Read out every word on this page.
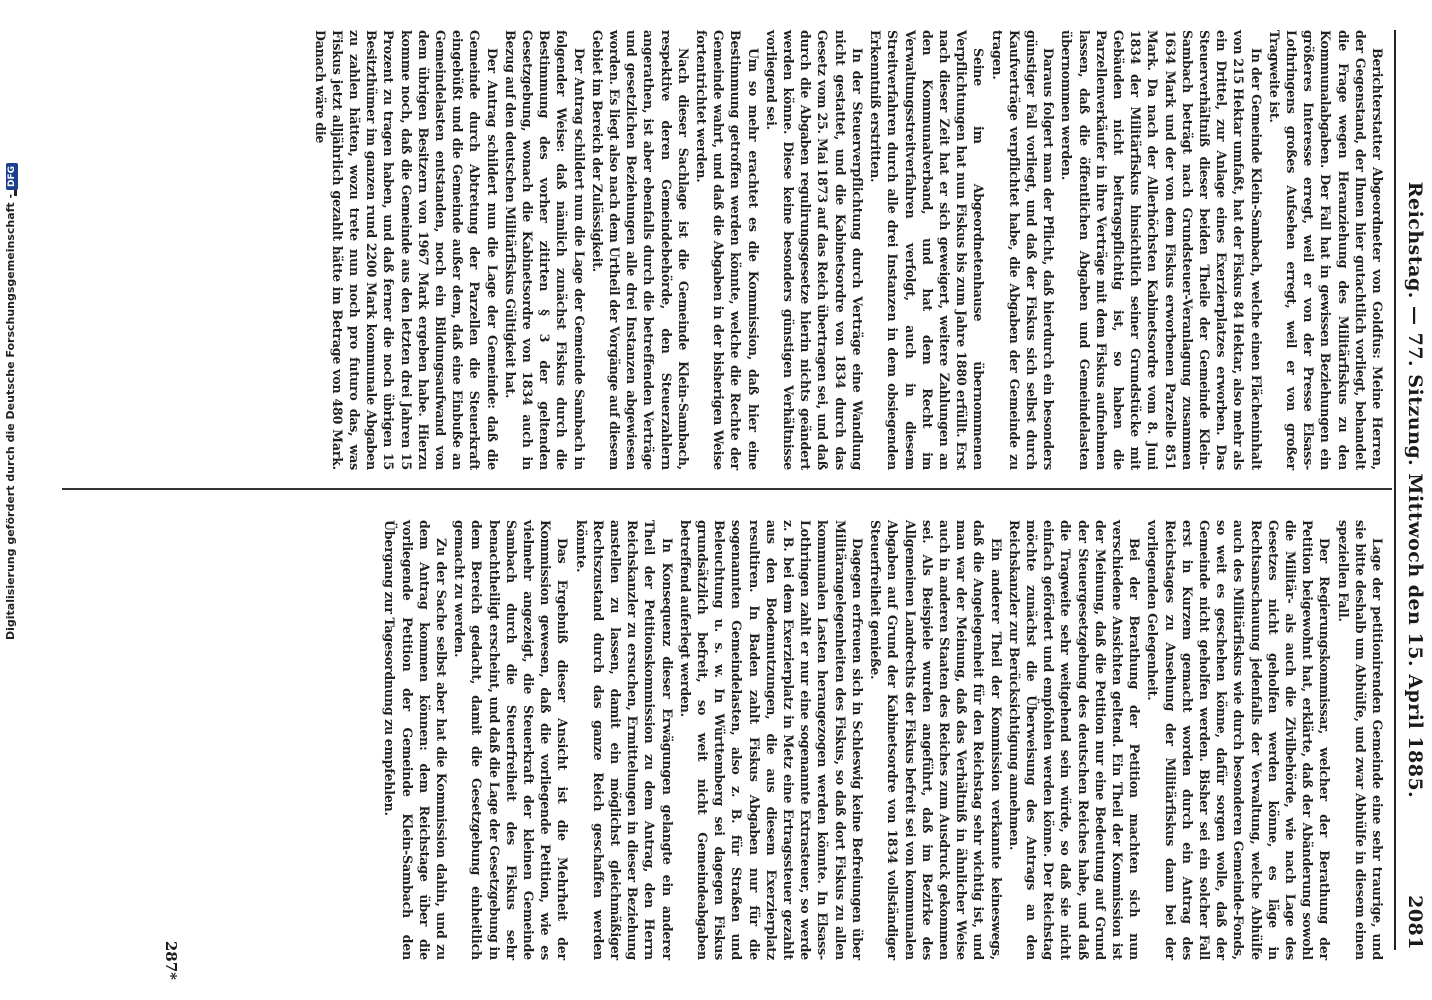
Reichstag. — 77. Sitzung. Mittwoch den 15. April 1885.
2081

Berichterstatter Abgeordneter von Goldfus: Meine Herren, der Gegenstand, der Ihnen hier gutachtlich vorliegt, behandelt die Frage wegen Heranziehung des Militärfiskus zu den Kommunalabgaben. Der Fall hat in gewissen Beziehungen ein größeres Interesse erregt, weil er von der Presse Elsass-Lothringens großes Aufsehen erregt, weil er von großer Tragweite ist.

In der Gemeinde Klein-Sambach, welche einen Flächeninhalt von 215 Hektar umfaßt, hat der Fiskus 84 Hektar, also mehr als ein Drittel, zur Anlage eines Exerzierplatzes erworben. Das Steuerverhältniß dieser beiden Theile der Gemeinde Klein-Sambach beträgt nach Grundsteuer-Veranlagung zusammen 1634 Mark und der von dem Fiskus erworbenen Parzelle 851 Mark. Da nach der Allerhöchsten Kabinetsordre vom 8. Juni 1834 der Militärfiskus hinsichtlich seiner Grundstücke mit Gebäuden nicht beitragspflichtig ist, so haben die Parzellenverkäufer in ihre Verträge mit dem Fiskus aufnehmen lassen, daß die öffentlichen Abgaben und Gemeindelasten übernommen werden.

Daraus folgert man der Pflicht, daß hierdurch ein besonders günstiger Fall vorliegt, und daß der Fiskus sich selbst durch Kaufverträge verpflichtet habe, die Abgaben der Gemeinde zu tragen.

Seine im Abgeordnetenhause übernommenen Verpflichtungen hat nun Fiskus bis zum Jahre 1880 erfüllt. Erst nach dieser Zeit hat er sich geweigert, weitere Zahlungen an den Kommunalverband, und hat dem Recht im Verwaltungsstreitverfahren verfolgt, auch in diesem Streitverfahren durch alle drei Instanzen in dem obsiegenden Erkenntniß erstritten.

In der Steuerverpflichtung durch Verträge eine Wandlung nicht gestattet, und die Kabinetsordre von 1834 durch das Gesetz vom 25. Mai 1873 auf das Reich übertragen sei, und daß durch die Abgaben regulirungsgesetze hierin nichts geändert werden könne. Diese keine besonders günstigen Verhältnisse vorliegend sei.

Um so mehr erachtet es die Kommission, daß hier eine Bestimmung getroffen werden könnte, welche die Rechte der Gemeinde wahrt, und daß die Abgaben in der bisherigen Weise fortentrichtet werden.

Nach dieser Sachlage ist die Gemeinde Klein-Sambach, respektive deren Gemeindebehörde, den Steuerzahlern angerathen, ist aber ebenfalls durch die betreffenden Verträge und gesetzlichen Beziehungen alle drei Instanzen abgewiesen worden. Es liegt also nach dem Urtheil der Vorgänge auf diesem Gebiet im Bereich der Zulässigkeit.

Der Antrag schildert nun die Lage der Gemeinde Sambach in folgender Weise: daß nämlich zunächst Fiskus durch die Bestimmung des vorher zitirten § 3 der geltenden Gesetzgebung, wonach die Kabinetsordre von 1834 auch in Bezug auf den deutschen Militärfiskus Gültigkeit hat.

Der Antrag schildert nun die Lage der Gemeinde: daß die Gemeinde durch Abtretung der Parzellen die Steuerkraft eingebüßt und die Gemeinde außer dem, daß eine Einbuße an Gemeindelasten entstanden, noch ein Bildungsaufwand von dem übrigen Besitzern von 1967 Mark ergeben habe. Hierzu komme noch, daß die Gemeinde aus den letzten drei Jahren 15 Prozent zu tragen haben, und daß ferner die noch übrigen 15 Besitzthümer im ganzen rund 2200 Mark kommunale Abgaben zu zahlen hätten, wozu trete nun noch pro futuro das, was Fiskus jetzt alljährlich gezahlt hätte im Betrage von 480 Mark. Danach wäre die

Lage der petitionirenden Gemeinde eine sehr traurige, und sie bitte deshalb um Abhülfe, und zwar Abhülfe in diesem einen speziellen Fall.

Der Regierungskommissar, welcher der Berathung der Petition beigewohnt hat, erklärte, daß der Abänderung sowohl die Militär- als auch die Zivilbehörde, wie nach Lage des Gesetzes nicht geholfen werden könne, es läge in Rechtsanschauung jedenfalls der Verwaltung, welche Abhülfe auch des Militärfiskus wie durch besonderen Gemeinde-Fonds, so weit es geschehen könne, dafür sorgen wolle, daß der Gemeinde nicht geholfen werden. Bisher sei ein solcher Fall erst in Kurzem gemacht worden durch ein Antrag des Reichstages zu Ansehung der Militärfiskus dann bei der vorliegenden Gelegenheit.

Bei der Berathung der Petition machten sich nun verschiedene Ansichten geltend. Ein Theil der Kommission ist der Meinung, daß die Petition nur eine Bedeutung auf Grund der Steuergesetzgebung des deutschen Reiches habe, und daß die Tragweite sehr weitgehend sein würde, so daß sie nicht einfach gefördert und empfohlen werden könne. Der Reichstag möchte zunächst die Überweisung des Antrags an den Reichskanzler zur Berücksichtigung annehmen.

Ein anderer Theil der Kommission verkannte keineswegs, daß die Angelegenheit für den Reichstag sehr wichtig ist, und man war der Meinung, daß das Verhältniß in ähnlicher Weise auch in anderen Staaten des Reiches zum Ausdruck gekommen sei. Als Beispiele wurden angeführt, daß im Bezirke des Allgemeinen Landrechts der Fiskus befreit sei von kommunalen Abgaben auf Grund der Kabinetsordre von 1834 vollständiger Steuerfreiheit genieße.

Dagegen erfreuen sich in Schleswig keine Befreiungen über Militärangelegenheiten des Fiskus, so daß dort Fiskus zu allen kommunalen Lasten herangezogen werden könnte. In Elsass-Lothringen zahlt er nur eine sogenannte Extrasteuer, so werde z. B. bei dem Exerzierplatz in Metz eine Ertragssteuer gezahlt aus den Bodennutzungen, die aus diesem Exerzierplatz resultiren. In Baden zahlt Fiskus Abgaben nur für die sogenannten Gemeindelasten, also z. B. für Straßen und Beleuchtung u. s. w. In Württemberg sei dagegen Fiskus grundsätzlich befreit, so weit nicht Gemeindeabgaben betreffend auferlegt werden.

In Konsequenz dieser Erwägungen gelangte ein anderer Theil der Petitionskommission zu dem Antrag, den Herrn Reichskanzler zu ersuchen, Ermittelungen in dieser Beziehung anstellen zu lassen, damit ein möglichst gleichmäßiger Rechtszustand durch das ganze Reich geschaffen werden könnte.

Das Ergebniß dieser Ansicht ist die Mehrheit der Kommission gewesen, daß die vorliegende Petition, wie es vielmehr angezeigt, die Steuerkraft der kleinen Gemeinde Sambach durch die Steuerfreiheit des Fiskus sehr benachtheiligt erscheint, und daß die Lage der Gesetzgebung in dem Bereich gedacht, damit die Gesetzgebung einheitlich gemacht zu werden.

Zu der Sache selbst aber hat die Kommission dahin, und zu dem Antrag kommen können: dem Reichstage über die vorliegende Petition der Gemeinde Klein-Sambach den Übergang zur Tagesordnung zu empfehlen.

287*
Digitalisierung gefördert durch die Deutsche Forschungsgemeinschaft -DFG
